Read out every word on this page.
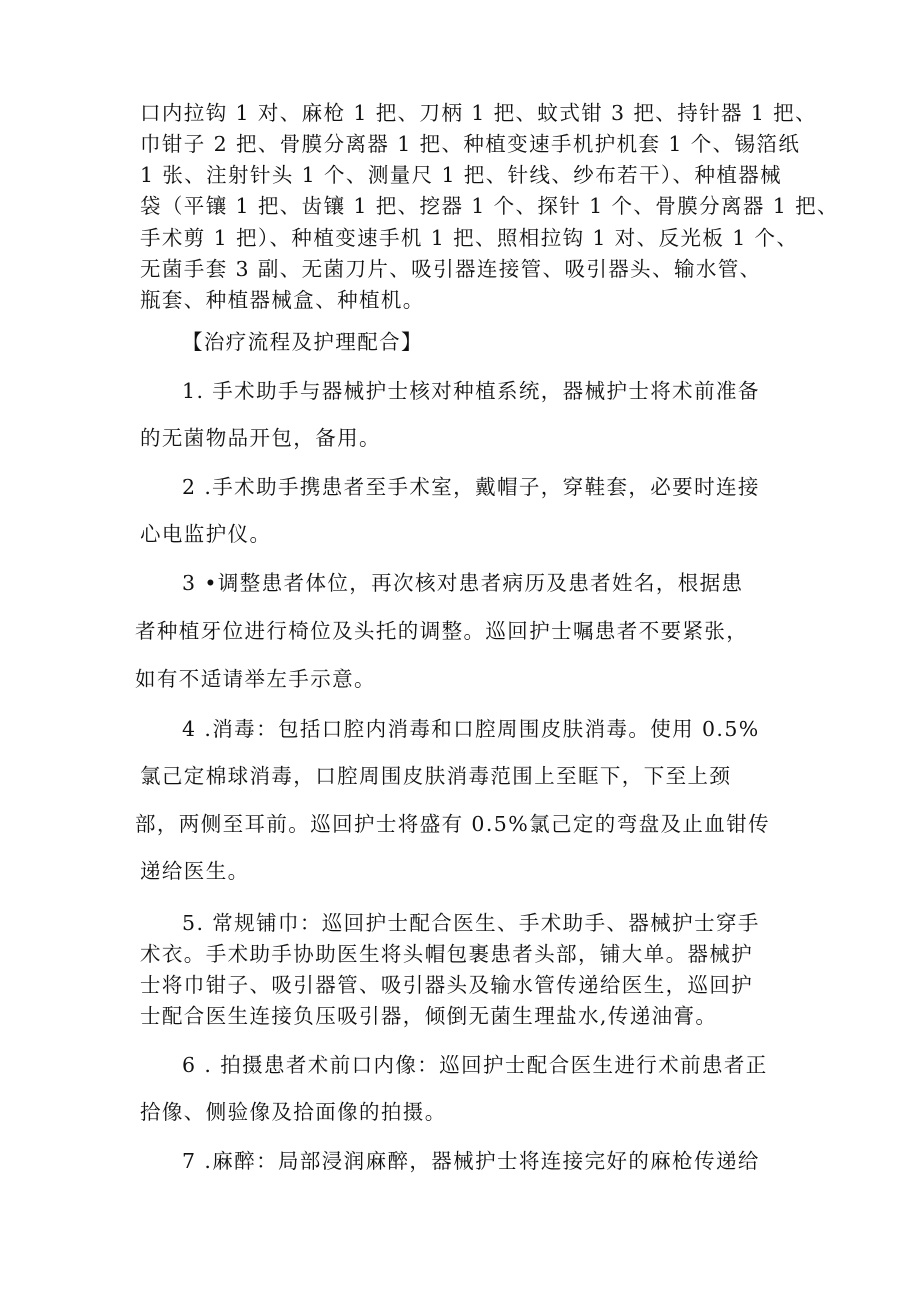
口内拉钩 1 对、麻枪 1 把、刀柄 1 把、蚊式钳 3 把、持针器 1 把、
巾钳子 2 把、骨膜分离器 1 把、种植变速手机护机套 1 个、锡箔纸
1 张、注射针头 1 个、测量尺 1 把、针线、纱布若干）、种植器械
袋（平镶 1 把、齿镶 1 把、挖器 1 个、探针 1 个、骨膜分离器 1 把、
手术剪 1 把）、种植变速手机 1 把、照相拉钩 1 对、反光板 1 个、
无菌手套 3 副、无菌刀片、吸引器连接管、吸引器头、输水管、
瓶套、种植器械盒、种植机。
【治疗流程及护理配合】
1. 手术助手与器械护士核对种植系统，器械护士将术前准备
的无菌物品开包，备用。
2 .手术助手携患者至手术室，戴帽子，穿鞋套，必要时连接
心电监护仪。
3 •调整患者体位，再次核对患者病历及患者姓名，根据患
者种植牙位进行椅位及头托的调整。巡回护士嘱患者不要紧张，
如有不适请举左手示意。
4 .消毒：包括口腔内消毒和口腔周围皮肤消毒。使用 0.5%
氯己定棉球消毒，口腔周围皮肤消毒范围上至眶下，下至上颈
部，两侧至耳前。巡回护士将盛有 0.5%氯己定的弯盘及止血钳传
递给医生。
5. 常规铺巾：巡回护士配合医生、手术助手、器械护士穿手
术衣。手术助手协助医生将头帽包裹患者头部，铺大单。器械护
士将巾钳子、吸引器管、吸引器头及输水管传递给医生，巡回护
士配合医生连接负压吸引器，倾倒无菌生理盐水,传递油膏。
6 . 拍摄患者术前口内像：巡回护士配合医生进行术前患者正
拾像、侧验像及拾面像的拍摄。
7 .麻醉：局部浸润麻醉，器械护士将连接完好的麻枪传递给
